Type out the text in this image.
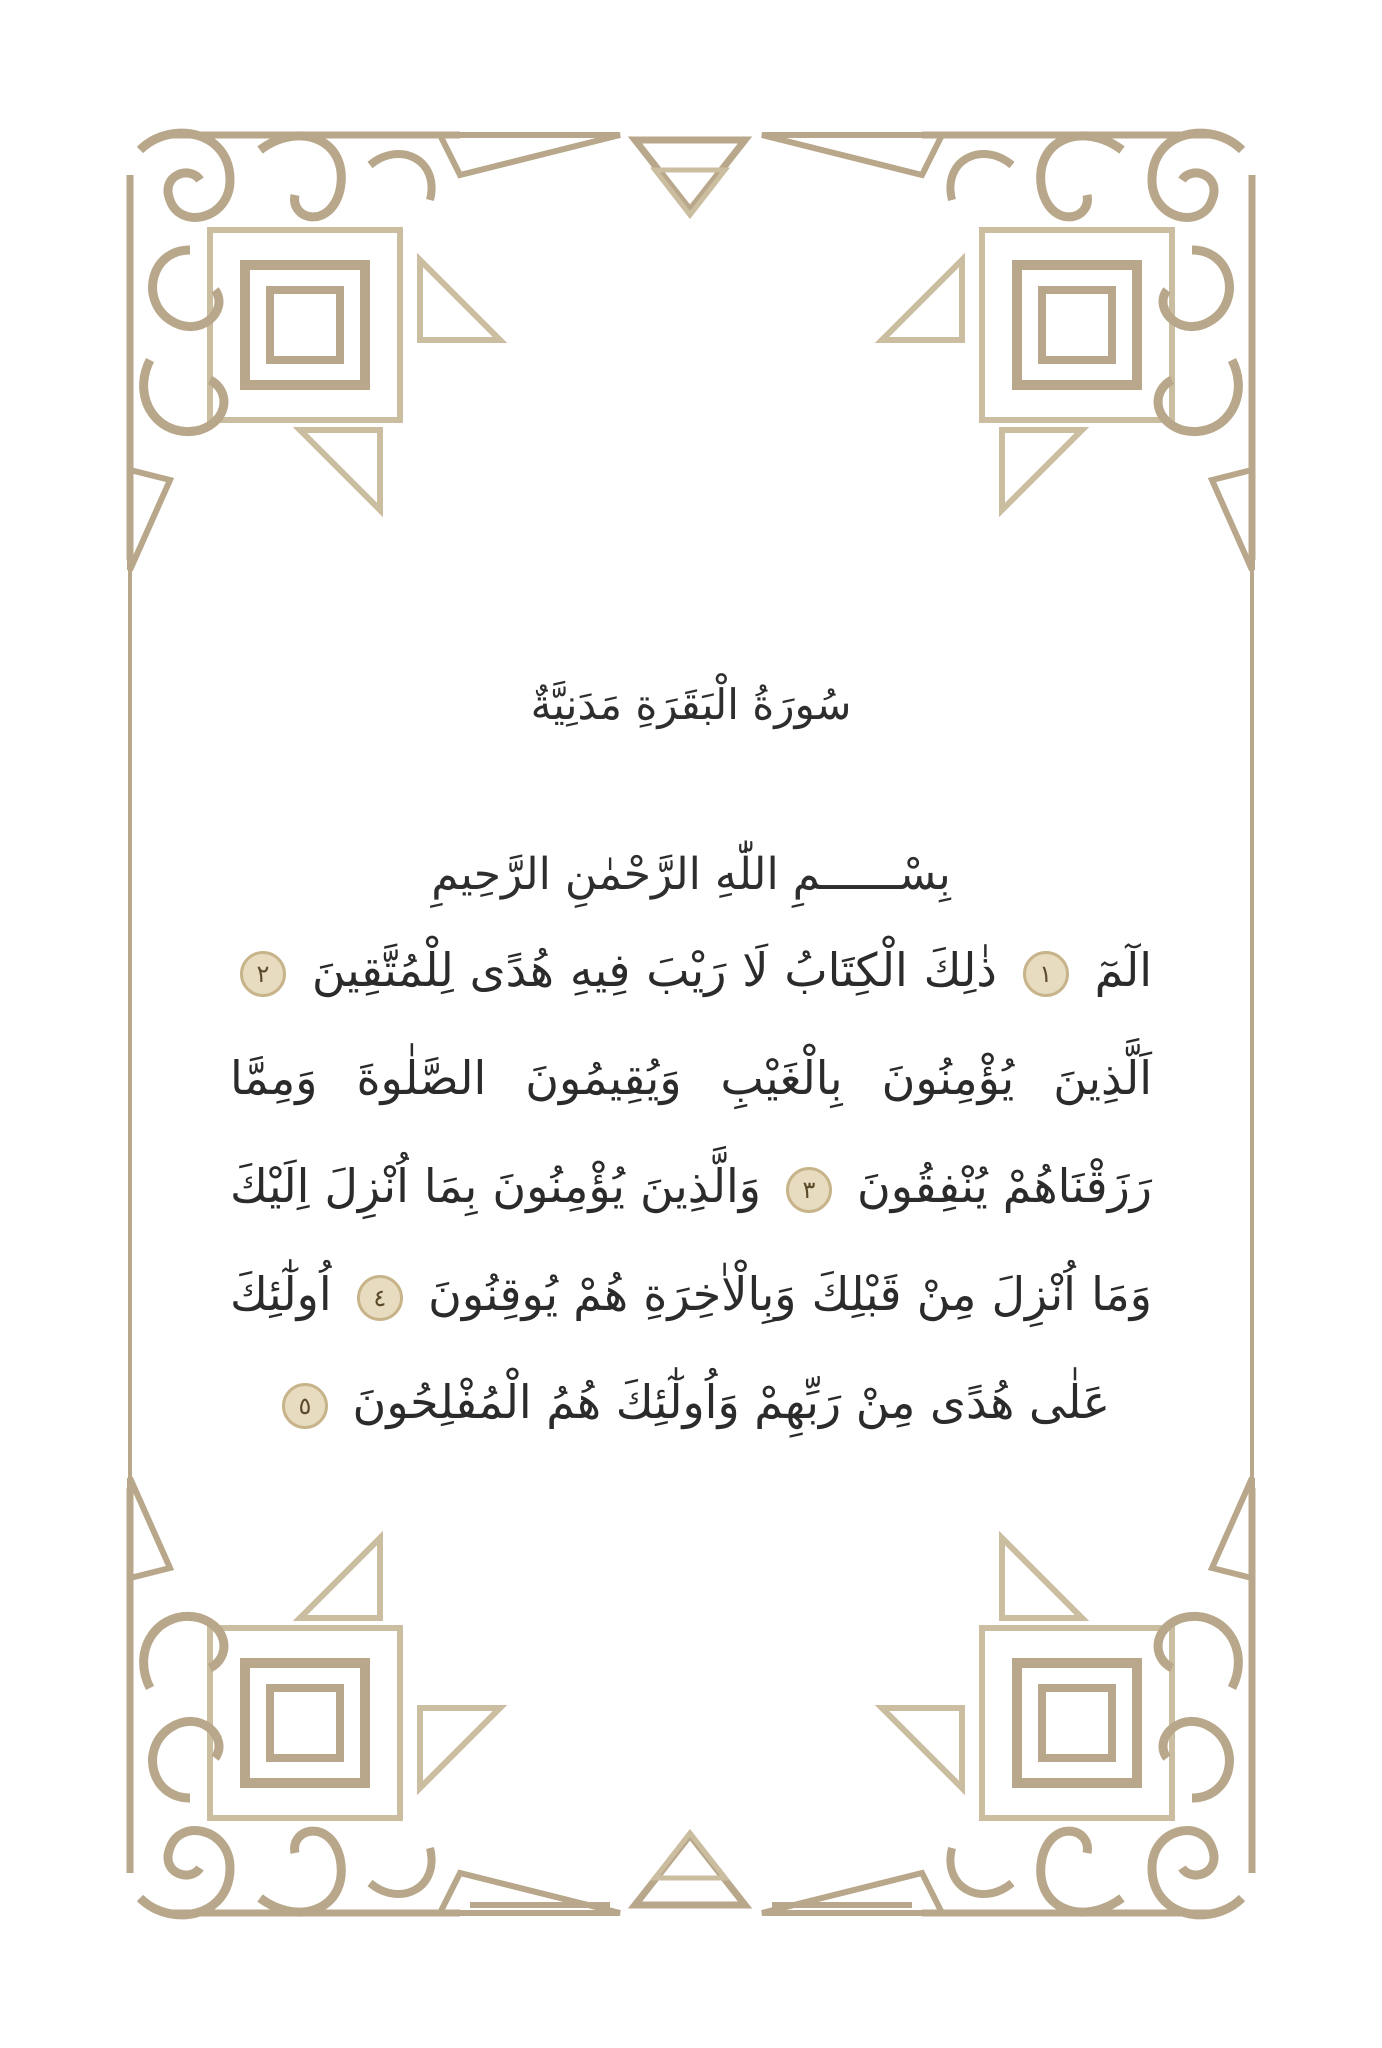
سُورَةُ الْبَقَرَةِ مَدَنِيَّةٌ
بِسْــــــمِ اللّٰهِ الرَّحْمٰنِ الرَّحِيمِ
الٓمٓ ١ ذٰلِكَ الْكِتَابُ لَا رَيْبَ فِيهِ هُدًى لِلْمُتَّقِينَ ٢ اَلَّذِينَ يُؤْمِنُونَ بِالْغَيْبِ وَيُقِيمُونَ الصَّلٰوةَ وَمِمَّا رَزَقْنَاهُمْ يُنْفِقُونَ ٣ وَالَّذِينَ يُؤْمِنُونَ بِمَا اُنْزِلَ اِلَيْكَ وَمَا اُنْزِلَ مِنْ قَبْلِكَ وَبِالْاٰخِرَةِ هُمْ يُوقِنُونَ ٤ اُولٰٓئِكَ عَلٰى هُدًى مِنْ رَبِّهِمْ وَاُولٰٓئِكَ هُمُ الْمُفْلِحُونَ ٥
